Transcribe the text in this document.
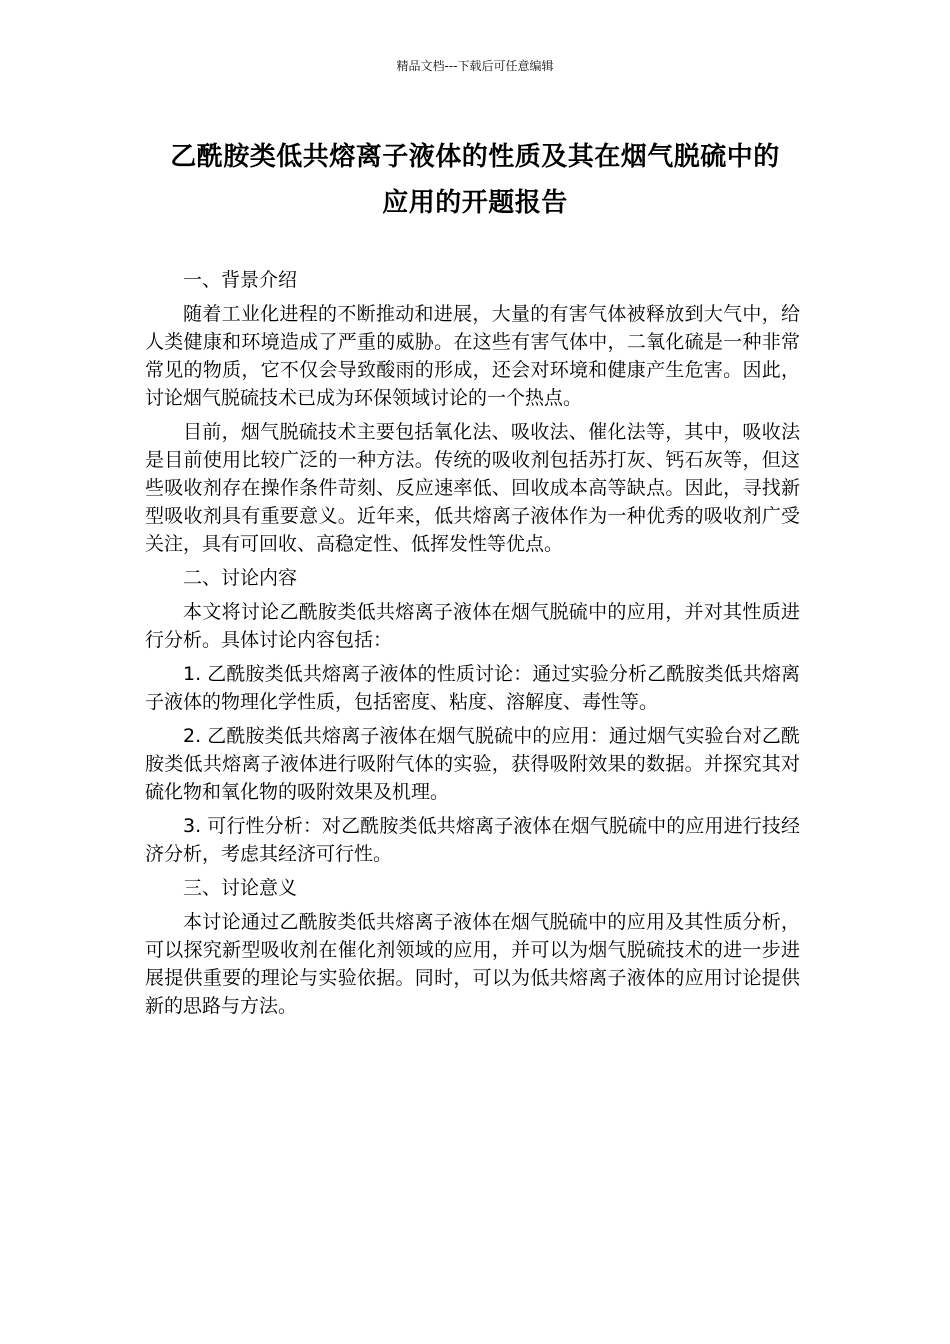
精品文档---下载后可任意编辑
乙酰胺类低共熔离子液体的性质及其在烟气脱硫中的
应用的开题报告
一、背景介绍

随着工业化进程的不断推动和进展，大量的有害气体被释放到大气中，给人类健康和环境造成了严重的威胁。在这些有害气体中，二氧化硫是一种非常常见的物质，它不仅会导致酸雨的形成，还会对环境和健康产生危害。因此，讨论烟气脱硫技术已成为环保领域讨论的一个热点。

目前，烟气脱硫技术主要包括氧化法、吸收法、催化法等，其中，吸收法是目前使用比较广泛的一种方法。传统的吸收剂包括苏打灰、钙石灰等，但这些吸收剂存在操作条件苛刻、反应速率低、回收成本高等缺点。因此，寻找新型吸收剂具有重要意义。近年来，低共熔离子液体作为一种优秀的吸收剂广受关注，具有可回收、高稳定性、低挥发性等优点。

二、讨论内容

本文将讨论乙酰胺类低共熔离子液体在烟气脱硫中的应用，并对其性质进行分析。具体讨论内容包括：

1. 乙酰胺类低共熔离子液体的性质讨论：通过实验分析乙酰胺类低共熔离子液体的物理化学性质，包括密度、粘度、溶解度、毒性等。

2. 乙酰胺类低共熔离子液体在烟气脱硫中的应用：通过烟气实验台对乙酰胺类低共熔离子液体进行吸附气体的实验，获得吸附效果的数据。并探究其对硫化物和氧化物的吸附效果及机理。

3. 可行性分析：对乙酰胺类低共熔离子液体在烟气脱硫中的应用进行技经济分析，考虑其经济可行性。

三、讨论意义

本讨论通过乙酰胺类低共熔离子液体在烟气脱硫中的应用及其性质分析，可以探究新型吸收剂在催化剂领域的应用，并可以为烟气脱硫技术的进一步进展提供重要的理论与实验依据。同时，可以为低共熔离子液体的应用讨论提供新的思路与方法。
